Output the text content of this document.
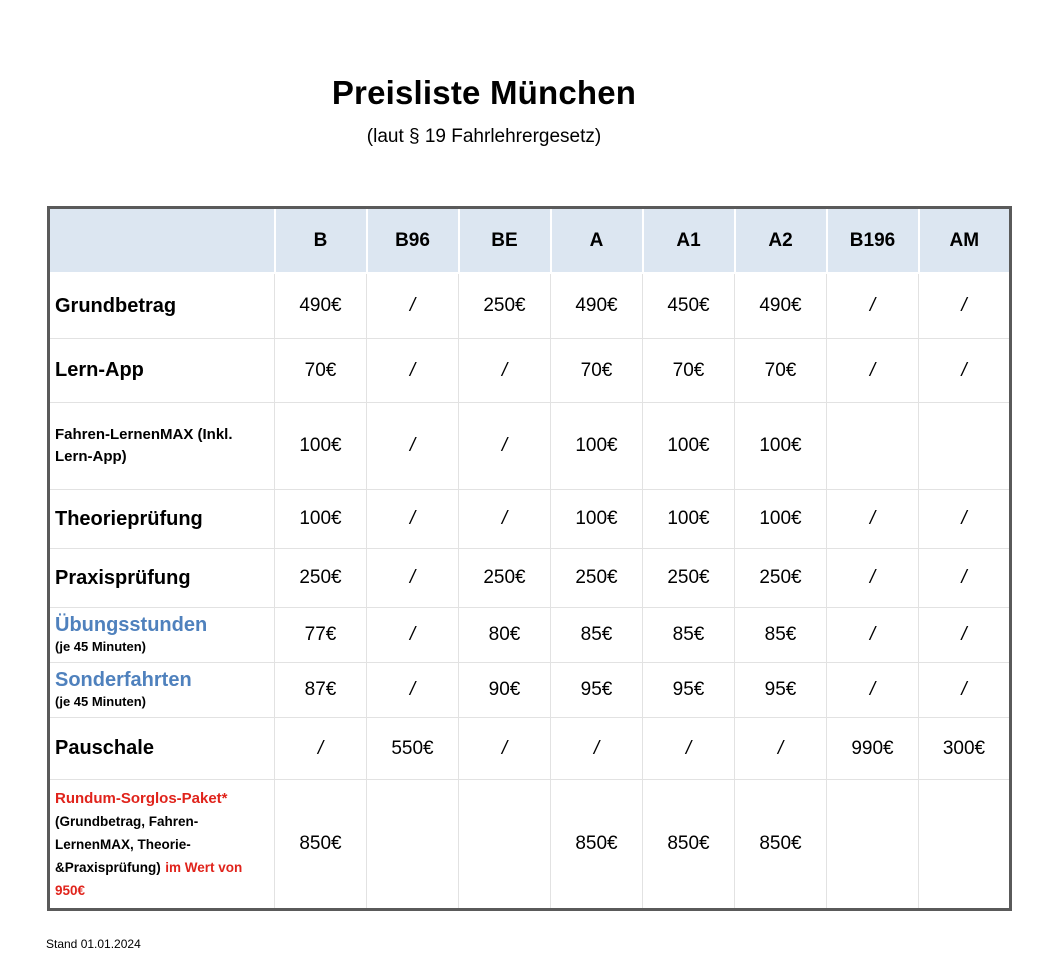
Preisliste München
(laut § 19 Fahrlehrergesetz)
	B	B96	BE	A	A1	A2	B196	AM
Grundbetrag	490€	/	250€	490€	450€	490€	/	/
Lern-App	70€	/	/	70€	70€	70€	/	/
Fahren-LernenMAX (Inkl. Lern-App)	100€	/	/	100€	100€	100€		
Theorieprüfung	100€	/	/	100€	100€	100€	/	/
Praxisprüfung	250€	/	250€	250€	250€	250€	/	/

Übungsstunden
(je 45 Minuten)	77€	/	80€	85€	85€	85€	/	/

Sonderfahrten
(je 45 Minuten)	87€	/	90€	95€	95€	95€	/	/
Pauschale	/	550€	/	/	/	/	990€	300€

Rundum-Sorglos-Paket*
(Grundbetrag, Fahren-LernenMAX, Theorie-&Praxisprüfung) im Wert von 950€	850€			850€	850€	850€		
Stand 01.01.2024
